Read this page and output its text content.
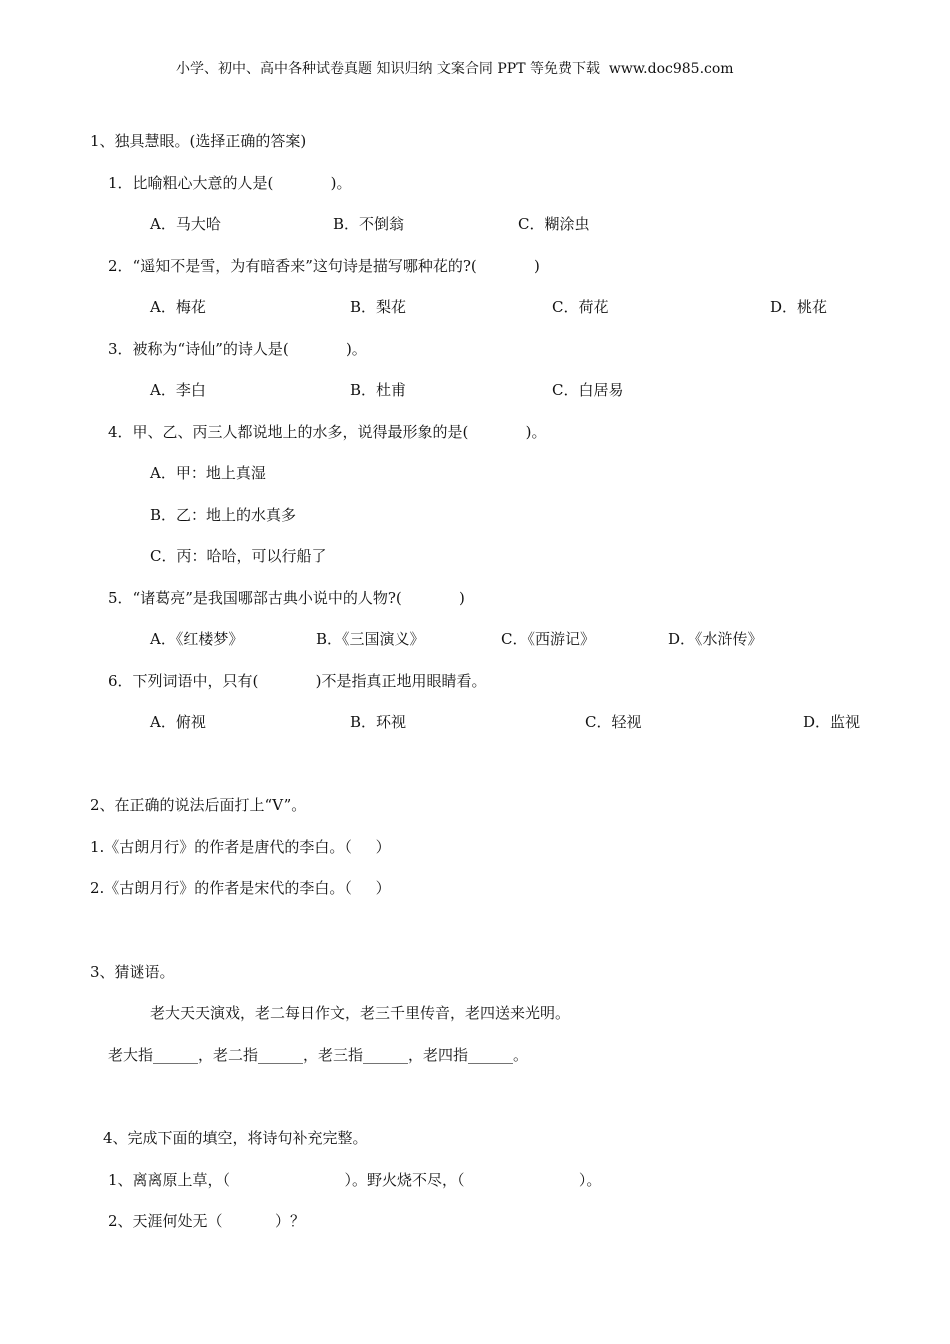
小学、初中、高中各种试卷真题 知识归纳 文案合同 PPT 等免费下载  www.doc985.com
1、独具慧眼。(选择正确的答案)
1．比喻粗心大意的人是(            )。
A．马大哈	B．不倒翁	C．糊涂虫
2．“遥知不是雪，为有暗香来”这句诗是描写哪种花的?(            )
A．梅花	B．梨花	C．荷花	D．桃花
3．被称为“诗仙”的诗人是(            )。
A．李白	B．杜甫	C．白居易
4．甲、乙、丙三人都说地上的水多，说得最形象的是(            )。
A．甲：地上真湿
B．乙：地上的水真多
C．丙：哈哈，可以行船了
5．“诸葛亮”是我国哪部古典小说中的人物?(            )
A．《红楼梦》	B．《三国演义》	C．《西游记》	D．《水浒传》
6．下列词语中，只有(            )不是指真正地用眼睛看。
A．俯视	B．环视	C．轻视	D．监视
2、在正确的说法后面打上“V”。
1.《古朗月行》的作者是唐代的李白。（     ）
2.《古朗月行》的作者是宋代的李白。（     ）
3、猜谜语。
老大天天演戏，老二每日作文，老三千里传音，老四送来光明。
老大指______，老二指______，老三指______，老四指______。
4、完成下面的填空，将诗句补充完整。
1、离离原上草，（                        ）。野火烧不尽，（                        ）。
2、天涯何处无（           ）？
